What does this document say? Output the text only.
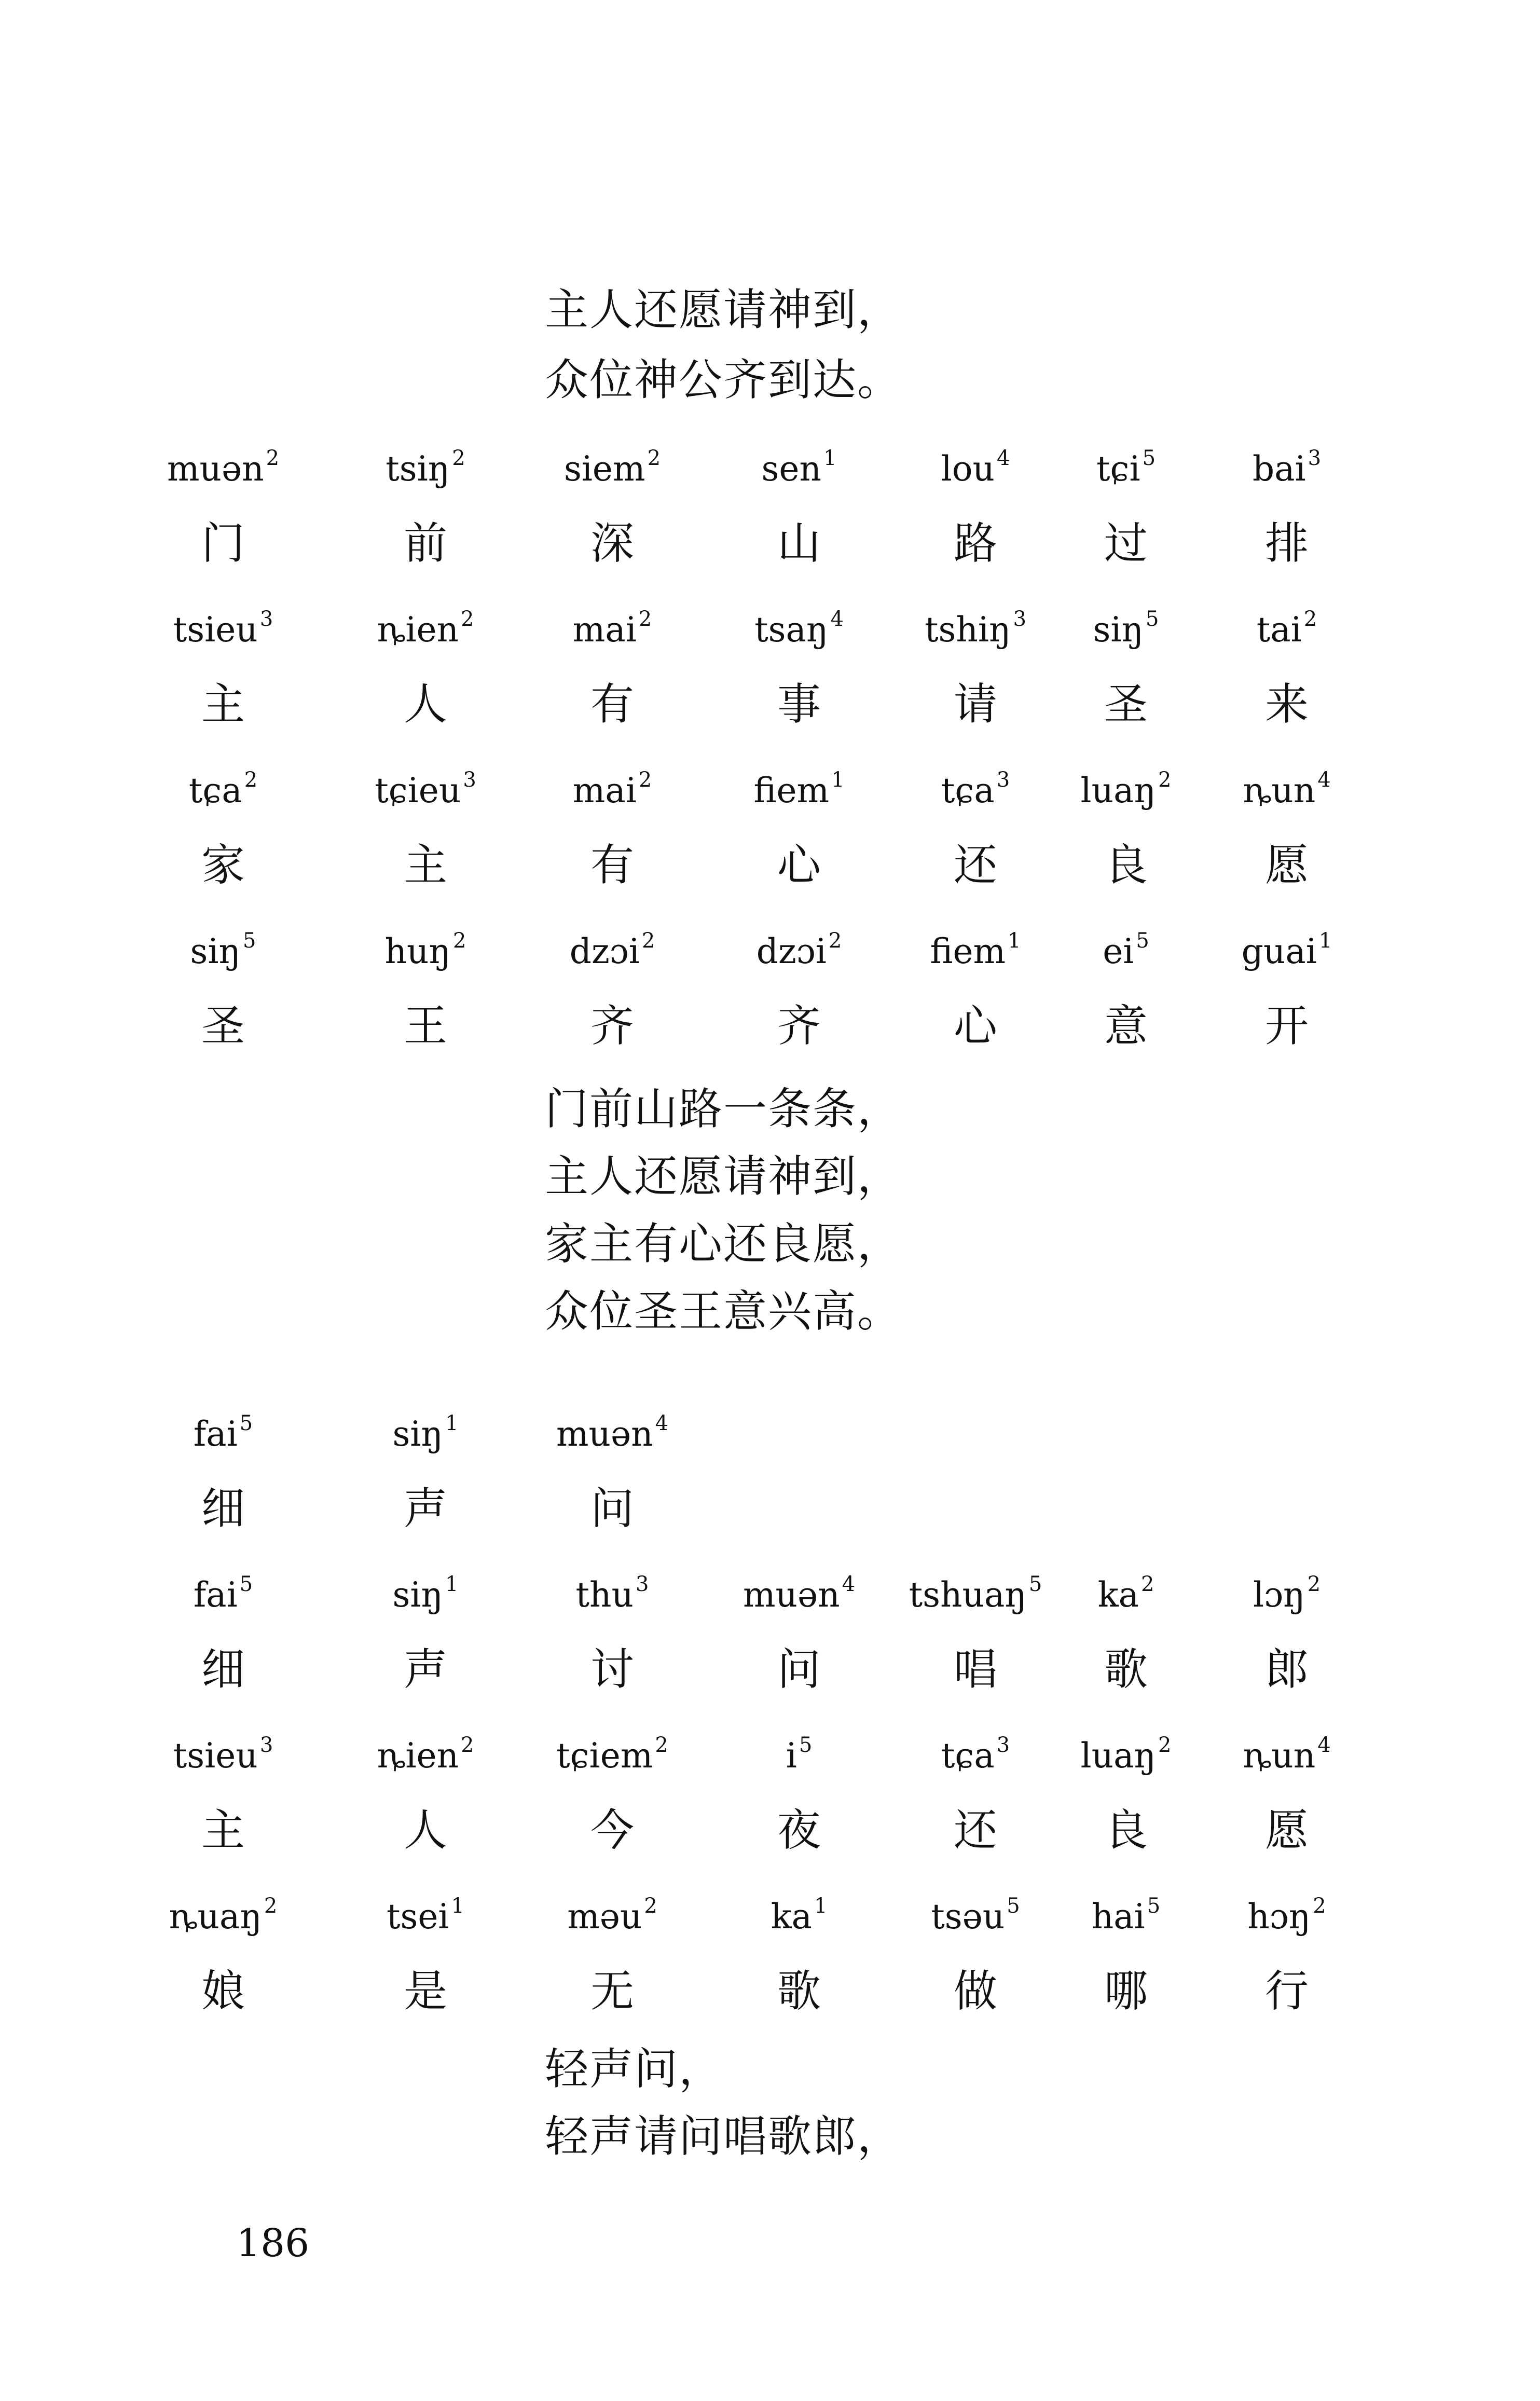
主人还愿请神到，
众位神公齐到达。
muən $^2$
门
tsiŋ $^2$
前
siem $^2$
深
sen $^1$
山
lou $^4$
路
tɕi $^5$
过
bai $^3$
排
tsieu $^3$
主
ȵien $^2$
人
mai $^2$
有
tsaŋ $^4$
事
tshiŋ $^3$
请
siŋ $^5$
圣
tai $^2$
来
tɕa $^2$
家
tɕieu $^3$
主
mai $^2$
有
fiem $^1$
心
tɕa $^3$
还
luaŋ $^2$
良
ȵun $^4$
愿
siŋ $^5$
圣
huŋ $^2$
王
dzɔi $^2$
齐
dzɔi $^2$
齐
fiem $^1$
心
ei $^5$
意
guai $^1$
开
门前山路一条条，
主人还愿请神到，
家主有心还良愿，
众位圣王意兴高。
fai $^5$
细
siŋ $^1$
声
muən $^4$
问
fai $^5$
细
siŋ $^1$
声
thu $^3$
讨
muən $^4$
问
tshuaŋ $^5$
唱
ka $^2$
歌
lɔŋ $^2$
郎
tsieu $^3$
主
ȵien $^2$
人
tɕiem $^2$
今
i $^5$
夜
tɕa $^3$
还
luaŋ $^2$
良
ȵun $^4$
愿
ȵuaŋ $^2$
娘
tsei $^1$
是
məu $^2$
无
ka $^1$
歌
tsəu $^5$
做
hai $^5$
哪
hɔŋ $^2$
行
轻声问，
轻声请问唱歌郎，
186
